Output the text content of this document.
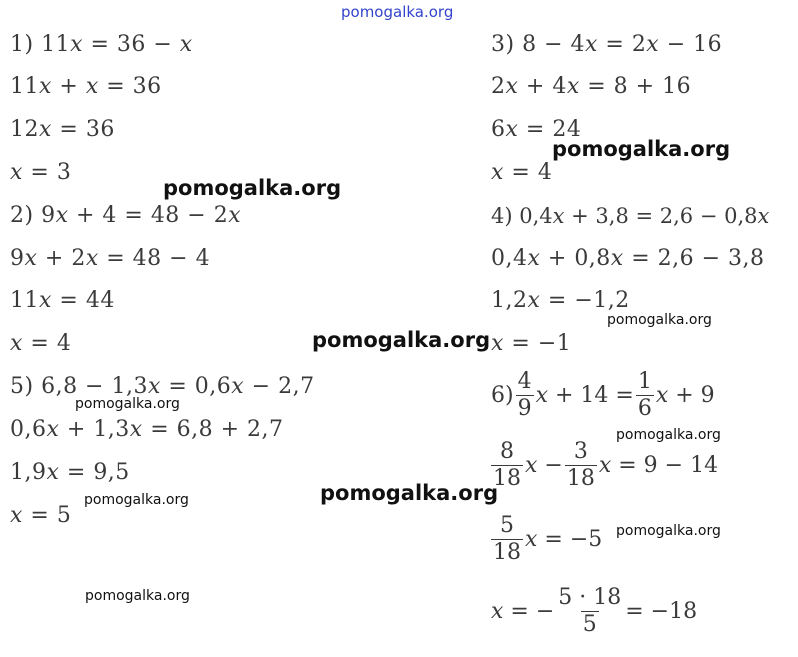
pomogalka.org
pomogalka.org
pomogalka.org
pomogalka.org
pomogalka.org
pomogalka.org
pomogalka.org
pomogalka.org
pomogalka.org
pomogalka.org
pomogalka.org
1) 11𝑥 = 36 − 𝑥
11𝑥 + 𝑥 = 36
12𝑥 = 36
𝑥 = 3
2) 9𝑥 + 4 = 48 − 2𝑥
9𝑥 + 2𝑥 = 48 − 4
11𝑥 = 44
𝑥 = 4
5) 6,8 − 1,3𝑥 = 0,6𝑥 − 2,7
0,6𝑥 + 1,3𝑥 = 6,8 + 2,7
1,9𝑥 = 9,5
𝑥 = 5
3) 8 − 4𝑥 = 2𝑥 − 16
2𝑥 + 4𝑥 = 8 + 16
6𝑥 = 24
𝑥 = 4
4) 0,4𝑥 + 3,8 = 2,6 − 0,8𝑥
0,4𝑥 + 0,8𝑥 = 2,6 − 3,8
1,2𝑥 = −1,2
𝑥 = −1
$6) \frac{4}{9}$ 𝑥 + $14 = \frac{1}{6}$ 𝑥 + 9
$\frac{8}{18}$ 𝑥 − $\frac{3}{18}$ 𝑥 = 9 − 14
$\frac{5}{18}$ 𝑥 = −5
𝑥 = − $\frac{5 \cdot 18}{5} = -18$
